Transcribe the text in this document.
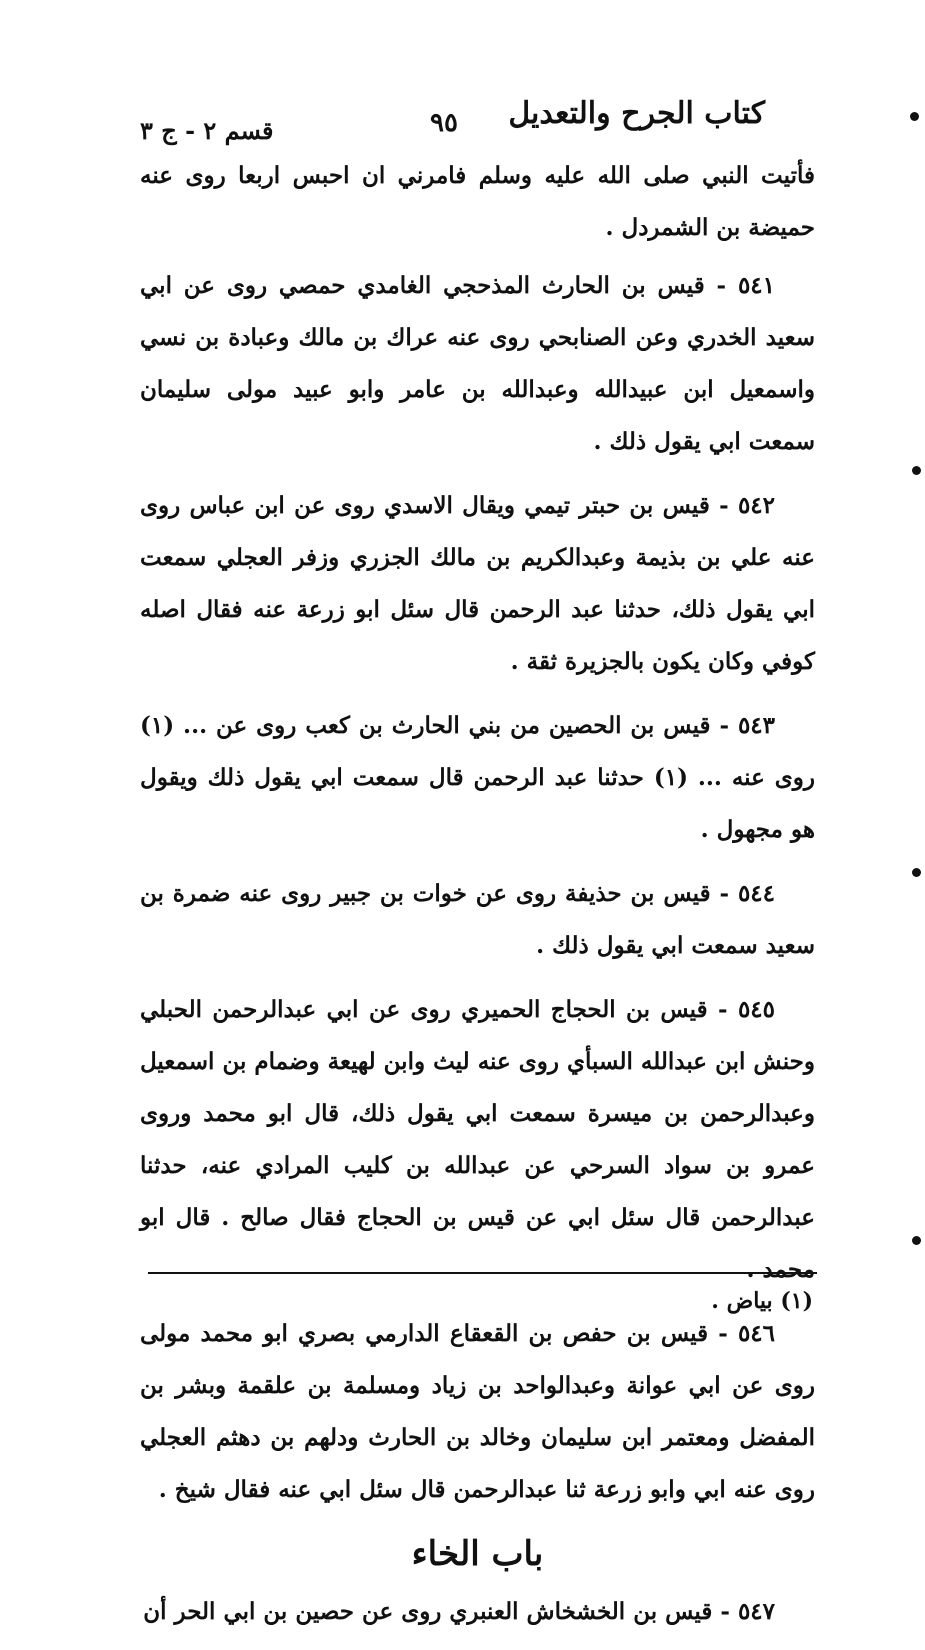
كتاب الجرح والتعديل
٩٥
قسم ٢ - ج ٣

فأتيت النبي صلى الله عليه وسلم فامرني ان احبس اربعا روى عنه حميضة بن الشمردل .

٥٤١ - قيس بن الحارث المذحجي الغامدي حمصي روى عن ابي سعيد الخدري وعن الصنابحي روى عنه عراك بن مالك وعبادة بن نسي واسمعيل ابن عبيدالله وعبدالله بن عامر وابو عبيد مولى سليمان سمعت ابي يقول ذلك .

٥٤٢ - قيس بن حبتر تيمي ويقال الاسدي روى عن ابن عباس روى عنه علي بن بذيمة وعبدالكريم بن مالك الجزري وزفر العجلي سمعت ابي يقول ذلك، حدثنا عبد الرحمن قال سئل ابو زرعة عنه فقال اصله كوفي وكان يكون بالجزيرة ثقة .

٥٤٣ - قيس بن الحصين من بني الحارث بن كعب روى عن ... (١) روى عنه ... (١) حدثنا عبد الرحمن قال سمعت ابي يقول ذلك ويقول هو مجهول .

٥٤٤ - قيس بن حذيفة روى عن خوات بن جبير روى عنه ضمرة بن سعيد سمعت ابي يقول ذلك .

٥٤٥ - قيس بن الحجاج الحميري روى عن ابي عبدالرحمن الحبلي وحنش ابن عبدالله السبأي روى عنه ليث وابن لهيعة وضمام بن اسمعيل وعبدالرحمن بن ميسرة سمعت ابي يقول ذلك، قال ابو محمد وروى عمرو بن سواد السرحي عن عبدالله بن كليب المرادي عنه، حدثنا عبدالرحمن قال سئل ابي عن قيس بن الحجاج فقال صالح . قال ابو محمد .

٥٤٦ - قيس بن حفص بن القعقاع الدارمي بصري ابو محمد مولى روى عن ابي عوانة وعبدالواحد بن زياد ومسلمة بن علقمة وبشر بن المفضل ومعتمر ابن سليمان وخالد بن الحارث ودلهم بن دهثم العجلي روى عنه ابي وابو زرعة ثنا عبدالرحمن قال سئل ابي عنه فقال شيخ .

باب الخاء

٥٤٧ - قيس بن الخشخاش العنبري روى عن حصين بن ابي الحر أن

(١) بياض .
